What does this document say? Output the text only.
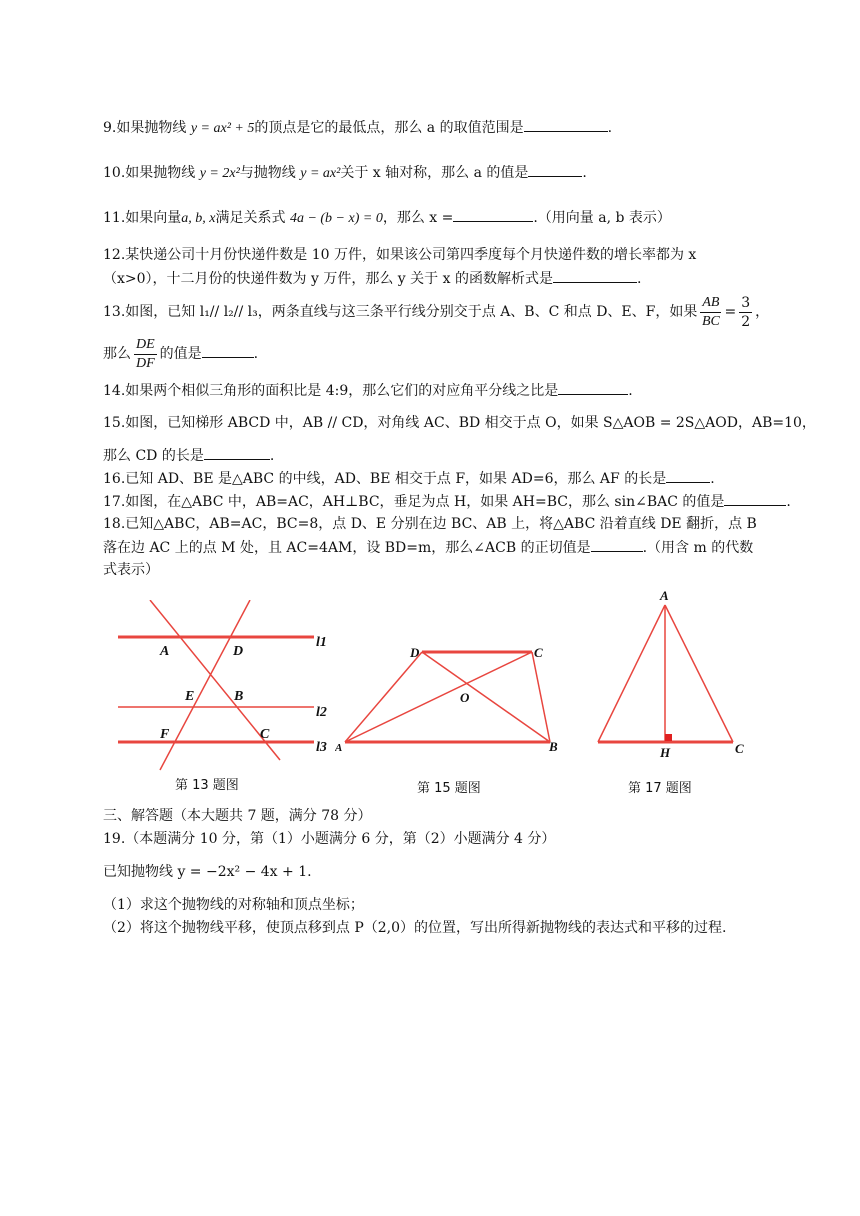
9.如果抛物线 y = ax² + 5的顶点是它的最低点，那么 a 的取值范围是	.
10.如果抛物线 y = 2x²与抛物线 y = ax²关于 x 轴对称，那么 a 的值是	.
11.如果向量a, b, x满足关系式 4a − (b − x) = 0，那么 x =	.（用向量 a, b 表示）
12.某快递公司十月份快递件数是 10 万件，如果该公司第四季度每个月快递件数的增长率都为 x
（x>0），十二月份的快递件数为 y 万件，那么 y 关于 x 的函数解析式是	.
13.如图，已知 l₁// l₂// l₃，两条直线与这三条平行线分别交于点 A、B、C 和点 D、E、F，如果 $\frac{AB}{BC} = \frac{3}{2}$ ，
那么 $\frac{DE}{DF}$ 的值是	.
14.如果两个相似三角形的面积比是 4:9，那么它们的对应角平分线之比是	.
15.如图，已知梯形 ABCD 中，AB // CD，对角线 AC、BD 相交于点 O，如果 S△AOB = 2S△AOD，AB=10，
那么 CD 的长是	.
16.已知 AD、BE 是△ABC 的中线，AD、BE 相交于点 F，如果 AD=6，那么 AF 的长是	.
17.如图，在△ABC 中，AB=AC，AH⊥BC，垂足为点 H，如果 AH=BC，那么 sin∠BAC 的值是	.
18.已知△ABC，AB=AC，BC=8，点 D、E 分别在边 BC、AB 上，将△ABC 沿着直线 DE 翻折，点 B
落在边 AC 上的点 M 处，且 AC=4AM，设 BD=m，那么∠ACB 的正切值是	.（用含 m 的代数
式表示）
A	D
E	B
F	C
l1
l2
l3
第 13 题图
D	C
O
A	B
第 15 题图
A
H	C
第 17 题图
三、解答题（本大题共 7 题，满分 78 分）
19.（本题满分 10 分，第（1）小题满分 6 分，第（2）小题满分 4 分）
已知抛物线 y = −2x² − 4x + 1.
（1）求这个抛物线的对称轴和顶点坐标；
（2）将这个抛物线平移，使顶点移到点 P（2,0）的位置，写出所得新抛物线的表达式和平移的过程.
